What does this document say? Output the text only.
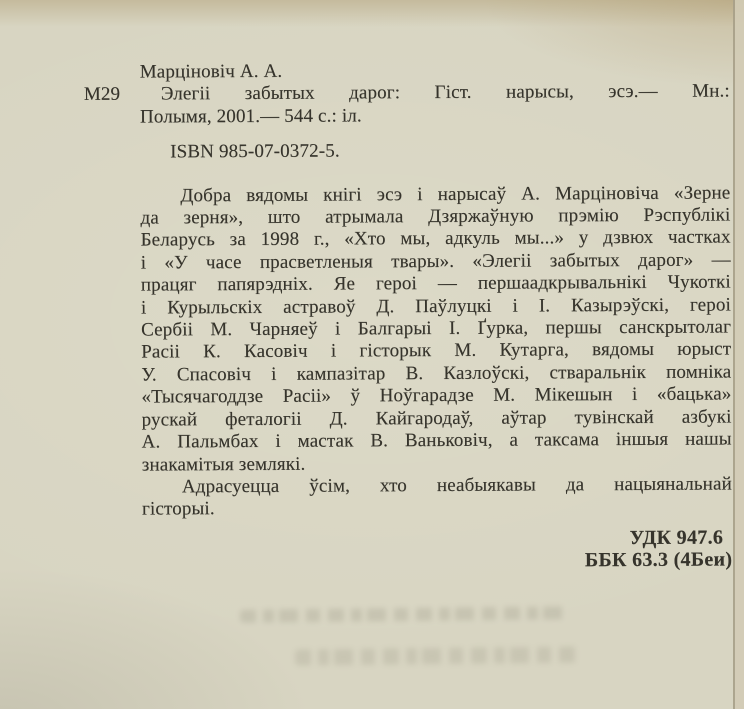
Марціновіч А. А.
М29	Элегіі забытых дарог: Гіст. нарысы, эсэ.— Мн.:
Полымя, 2001.— 544 с.: іл.
ISBN 985-07-0372-5.
Добра вядомы кнігі эсэ і нарысаў А. Марціновіча «Зерне
да зерня», што атрымала Дзяржаўную прэмію Рэспублікі
Беларусь за 1998 г., «Хто мы, адкуль мы...» у дзвюх частках
і «У часе прасветленыя твары». «Элегіі забытых дарог» —
працяг папярэдніх. Яе героі — першаадкрывальнікі Чукоткі
і Курыльскіх астравоў Д. Паўлуцкі і І. Казырэўскі, героі
Сербіі М. Чарняеў і Балгарыі І. Ґурка, першы санскрытолаг
Расіі К. Касовіч і гісторык М. Кутарга, вядомы юрыст
У. Спасовіч і кампазітар В. Казлоўскі, стваральнік помніка
«Тысячагоддзе Расіі» ў Ноўгарадзе М. Мікешын і «бацька»
рускай феталогіі Д. Кайгародаў, аўтар тувінскай азбукі
А. Пальмбах і мастак В. Ваньковіч, а таксама іншыя нашы
знакамітыя землякі.
Адрасуецца ўсім, хто неабыякавы да нацыянальнай
гісторыі.
УДК 947.6
ББК 63.3 (4Беи)
